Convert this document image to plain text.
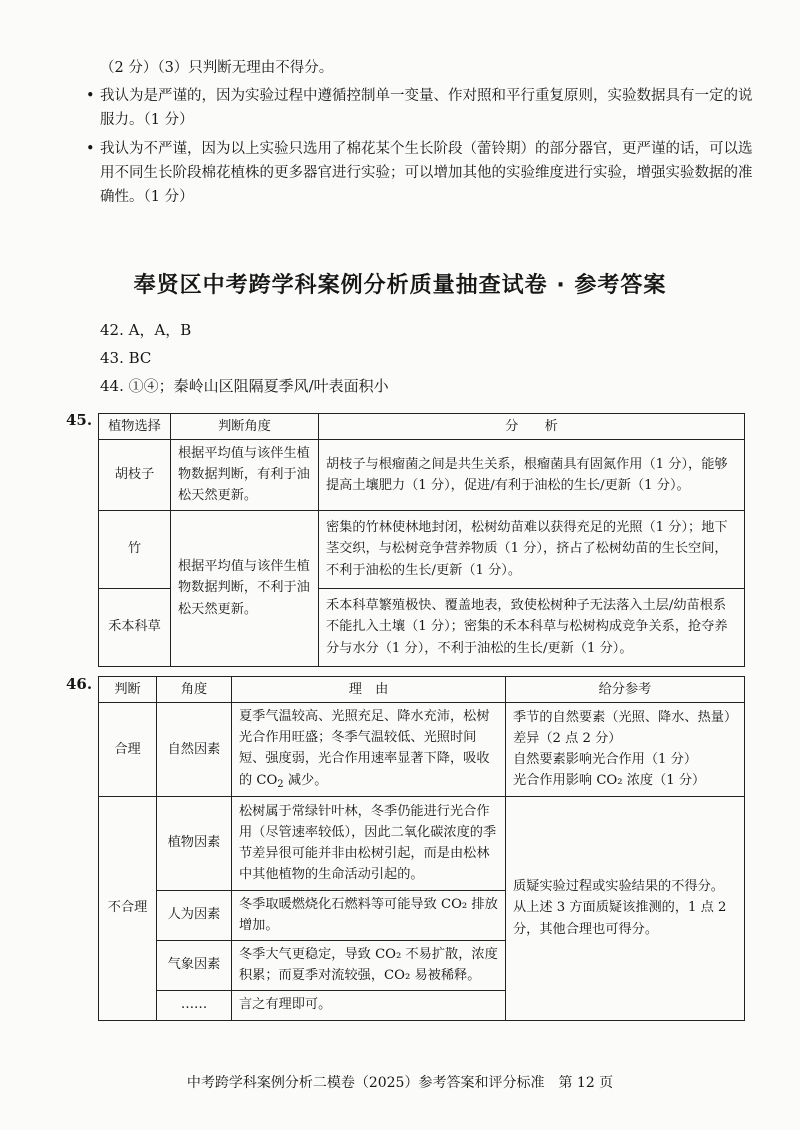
（2 分）（3）只判断无理由不得分。
• 我认为是严谨的，因为实验过程中遵循控制单一变量、作对照和平行重复原则，实验数据具有一定的说服力。（1 分）
• 我认为不严谨，因为以上实验只选用了棉花某个生长阶段（蕾铃期）的部分器官，更严谨的话，可以选用不同生长阶段棉花植株的更多器官进行实验；可以增加其他的实验维度进行实验，增强实验数据的准确性。（1 分）
奉贤区中考跨学科案例分析质量抽查试卷 · 参考答案
42. A，A，B
43. BC
44. ①④；秦岭山区阻隔夏季风/叶表面积小
45. 植物选择	判断角度	分　　析
胡枝子	根据平均值与该伴生植物数据判断，有利于油松天然更新。	胡枝子与根瘤菌之间是共生关系，根瘤菌具有固氮作用（1 分），能够提高土壤肥力（1 分），促进/有利于油松的生长/更新（1 分）。
竹	根据平均值与该伴生植物数据判断，不利于油松天然更新。	密集的竹林使林地封闭，松树幼苗难以获得充足的光照（1 分）；地下茎交织，与松树竞争营养物质（1 分），挤占了松树幼苗的生长空间，不利于油松的生长/更新（1 分）。
禾本科草		禾本科草繁殖极快、覆盖地表，致使松树种子无法落入土层/幼苗根系不能扎入土壤（1 分）；密集的禾本科草与松树构成竞争关系，抢夺养分与水分（1 分），不利于油松的生长/更新（1 分）。
46. 判断	角度	理　由	给分参考
合理	自然因素	夏季气温较高、光照充足、降水充沛，松树光合作用旺盛；冬季气温较低、光照时间短、强度弱，光合作用速率显著下降，吸收的 $CO_2$ 减少。	季节的自然要素（光照、降水、热量）差异（2 点 2 分）
自然要素影响光合作用（1 分）
光合作用影响 CO₂ 浓度（1 分）

不合理	植物因素	松树属于常绿针叶林，冬季仍能进行光合作用（尽管速率较低），因此二氧化碳浓度的季节差异很可能并非由松树引起，而是由松林中其他植物的生命活动引起的。	质疑实验过程或实验结果的不得分。从上述 3 方面质疑该推测的，1 点 2 分，其他合理也可得分。
	人为因素	冬季取暖燃烧化石燃料等可能导致 CO₂ 排放增加。	
	气象因素	冬季大气更稳定，导致 CO₂ 不易扩散，浓度积累；而夏季对流较强，CO₂ 易被稀释。	
	……	言之有理即可。	
中考跨学科案例分析二模卷（2025）参考答案和评分标准　第 12 页
